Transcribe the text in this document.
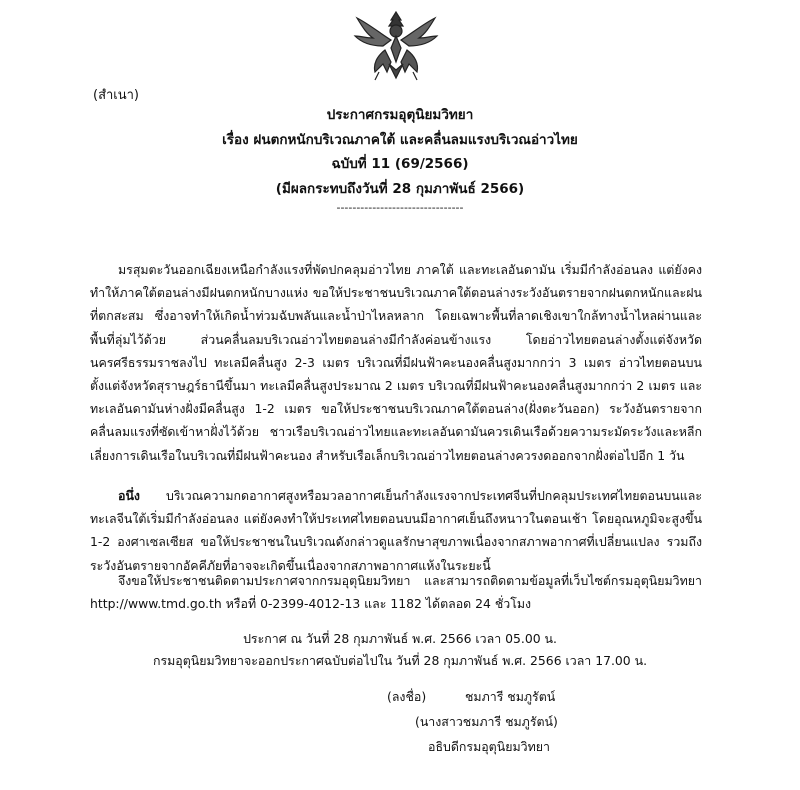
(สำเนา)
ประกาศกรมอุตุนิยมวิทยา
เรื่อง ฝนตกหนักบริเวณภาคใต้ และคลื่นลมแรงบริเวณอ่าวไทย
ฉบับที่ 11 (69/2566)
(มีผลกระทบถึงวันที่ 28 กุมภาพันธ์ 2566)
--------------------------------
มรสุมตะวันออกเฉียงเหนือกำลังแรงที่พัดปกคลุมอ่าวไทย ภาคใต้ และทะเลอันดามัน เริ่มมีกำลังอ่อนลง แต่ยังคงทำให้ภาคใต้ตอนล่างมีฝนตกหนักบางแห่ง ขอให้ประชาชนบริเวณภาคใต้ตอนล่างระวังอันตรายจากฝนตกหนักและฝนที่ตกสะสม ซึ่งอาจทำให้เกิดน้ำท่วมฉับพลันและน้ำป่าไหลหลาก โดยเฉพาะพื้นที่ลาดเชิงเขาใกล้ทางน้ำไหลผ่านและพื้นที่ลุ่มไว้ด้วย ส่วนคลื่นลมบริเวณอ่าวไทยตอนล่างมีกำลังค่อนข้างแรง โดยอ่าวไทยตอนล่างตั้งแต่จังหวัดนครศรีธรรมราชลงไป ทะเลมีคลื่นสูง 2-3 เมตร บริเวณที่มีฝนฟ้าคะนองคลื่นสูงมากกว่า 3 เมตร อ่าวไทยตอนบนตั้งแต่จังหวัดสุราษฎร์ธานีขึ้นมา ทะเลมีคลื่นสูงประมาณ 2 เมตร บริเวณที่มีฝนฟ้าคะนองคลื่นสูงมากกว่า 2 เมตร และทะเลอันดามันห่างฝั่งมีคลื่นสูง 1-2 เมตร ขอให้ประชาชนบริเวณภาคใต้ตอนล่าง(ฝั่งตะวันออก) ระวังอันตรายจากคลื่นลมแรงที่ซัดเข้าหาฝั่งไว้ด้วย ชาวเรือบริเวณอ่าวไทยและทะเลอันดามันควรเดินเรือด้วยความระมัดระวังและหลีกเลี่ยงการเดินเรือในบริเวณที่มีฝนฟ้าคะนอง สำหรับเรือเล็กบริเวณอ่าวไทยตอนล่างควรงดออกจากฝั่งต่อไปอีก 1 วัน
อนึ่ง บริเวณความกดอากาศสูงหรือมวลอากาศเย็นกำลังแรงจากประเทศจีนที่ปกคลุมประเทศไทยตอนบนและทะเลจีนใต้เริ่มมีกำลังอ่อนลง แต่ยังคงทำให้ประเทศไทยตอนบนมีอากาศเย็นถึงหนาวในตอนเช้า โดยอุณหภูมิจะสูงขึ้น 1-2 องศาเซลเซียส ขอให้ประชาชนในบริเวณดังกล่าวดูแลรักษาสุขภาพเนื่องจากสภาพอากาศที่เปลี่ยนแปลง รวมถึงระวังอันตรายจากอัคคีภัยที่อาจจะเกิดขึ้นเนื่องจากสภาพอากาศแห้งในระยะนี้
จึงขอให้ประชาชนติดตามประกาศจากกรมอุตุนิยมวิทยา และสามารถติดตามข้อมูลที่เว็บไซต์กรมอุตุนิยมวิทยา http://www.tmd.go.th หรือที่ 0-2399-4012-13 และ 1182 ได้ตลอด 24 ชั่วโมง
ประกาศ ณ วันที่ 28 กุมภาพันธ์ พ.ศ. 2566 เวลา 05.00 น.
กรมอุตุนิยมวิทยาจะออกประกาศฉบับต่อไปใน วันที่ 28 กุมภาพันธ์ พ.ศ. 2566 เวลา 17.00 น.
(ลงชื่อ)	ชมภารี ชมภูรัตน์
(นางสาวชมภารี ชมภูรัตน์)
อธิบดีกรมอุตุนิยมวิทยา
